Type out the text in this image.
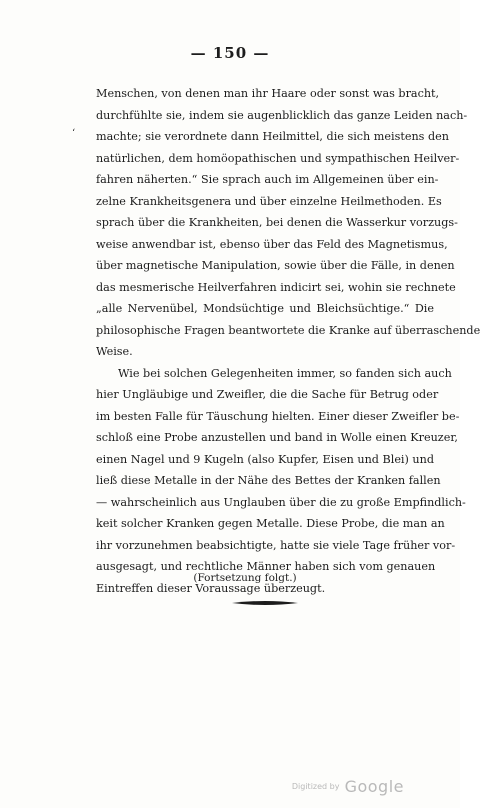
— 150 —
‘
Menschen, von denen man ihr Haare oder sonst was bracht,
durchfühlte sie, indem sie augenblicklich das ganze Leiden nach-
machte; sie verordnete dann Heilmittel, die sich meistens den
natürlichen, dem homöopathischen und sympathischen Heilver-
fahren näherten.“ Sie sprach auch im Allgemeinen über ein-
zelne Krankheitsgenera und über einzelne Heilmethoden. Es
sprach über die Krankheiten, bei denen die Wasserkur vorzugs-
weise anwendbar ist, ebenso über das Feld des Magnetismus,
über magnetische Manipulation, sowie über die Fälle, in denen
das mesmerische Heilverfahren indicirt sei, wohin sie rechnete
„alle Nervenübel, Mondsüchtige und Bleichsüchtige.“ Die
philosophische Fragen beantwortete die Kranke auf überraschende
Weise.
Wie bei solchen Gelegenheiten immer, so fanden sich auch
hier Ungläubige und Zweifler, die die Sache für Betrug oder
im besten Falle für Täuschung hielten. Einer dieser Zweifler be-
schloß eine Probe anzustellen und band in Wolle einen Kreuzer,
einen Nagel und 9 Kugeln (also Kupfer, Eisen und Blei) und
ließ diese Metalle in der Nähe des Bettes der Kranken fallen
— wahrscheinlich aus Unglauben über die zu große Empfindlich-
keit solcher Kranken gegen Metalle. Diese Probe, die man an
ihr vorzunehmen beabsichtigte, hatte sie viele Tage früher vor-
ausgesagt, und rechtliche Männer haben sich vom genauen
Eintreffen dieser Voraussage überzeugt.
(Fortsetzung folgt.)
Digitized by Google
